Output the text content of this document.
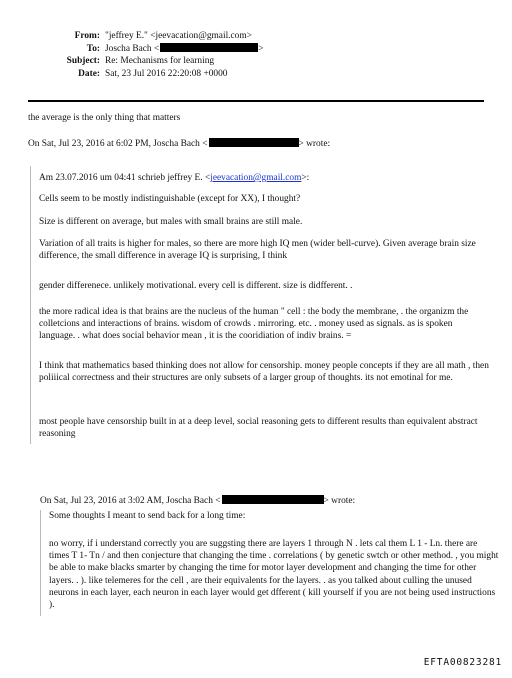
From: "jeffrey E." <jeevacation@gmail.com>
To: Joscha Bach <	>
Subject: Re: Mechanisms for learning
Date: Sat, 23 Jul 2016 22:20:08 +0000
the average is the only thing that matters
On Sat, Jul 23, 2016 at 6:02 PM, Joscha Bach <	> wrote:
Am 23.07.2016 um 04:41 schrieb jeffrey E. <jeevacation@gmail.com>:
Cells seem to be mostly indistinguishable (except for XX), I thought?
Size is different on average, but males with small brains are still male.
Variation of all traits is higher for males, so there are more high IQ men (wider bell-curve). Given average brain size difference, the small difference in average IQ is surprising, I think
gender differenece. unlikely motivational. every cell is different. size is didfferent. .
the more radical idea is that brains are the nucleus of the human " cell : the body the membrane, . the organizm the colletcions and interactions of brains. wisdom of crowds . mirroring. etc. . money used as signals. as is spoken language. . what does social behavior mean , it is the cooridiation of indiv brains. =
I think that mathematics based thinking does not allow for censorship. money people concepts if they are all math , then poliiical correctness and their structures are only subsets of a larger group of thoughts. its not emotinal for me.
most people have censorship built in at a deep level, social reasoning gets to different results than equivalent abstract reasoning
On Sat, Jul 23, 2016 at 3:02 AM, Joscha Bach <	> wrote:
Some thoughts I meant to send back for a long time:
no worry, if i understand correctly you are suggsting there are layers 1 through N . lets cal them L 1 - Ln. there are times T 1- Tn / and then conjecture that changing the time . correlations ( by genetic swtch or other method. , you might be able to make blacks smarter by changing the time for motor layer development and changing the time for other layers. . ). like telemeres for the cell , are their equivalents for the layers. . as you talked about culling the unused neurons in each layer, each neuron in each layer would get dfferent ( kill yourself if you are not being used instructions ).
EFTA00823281
